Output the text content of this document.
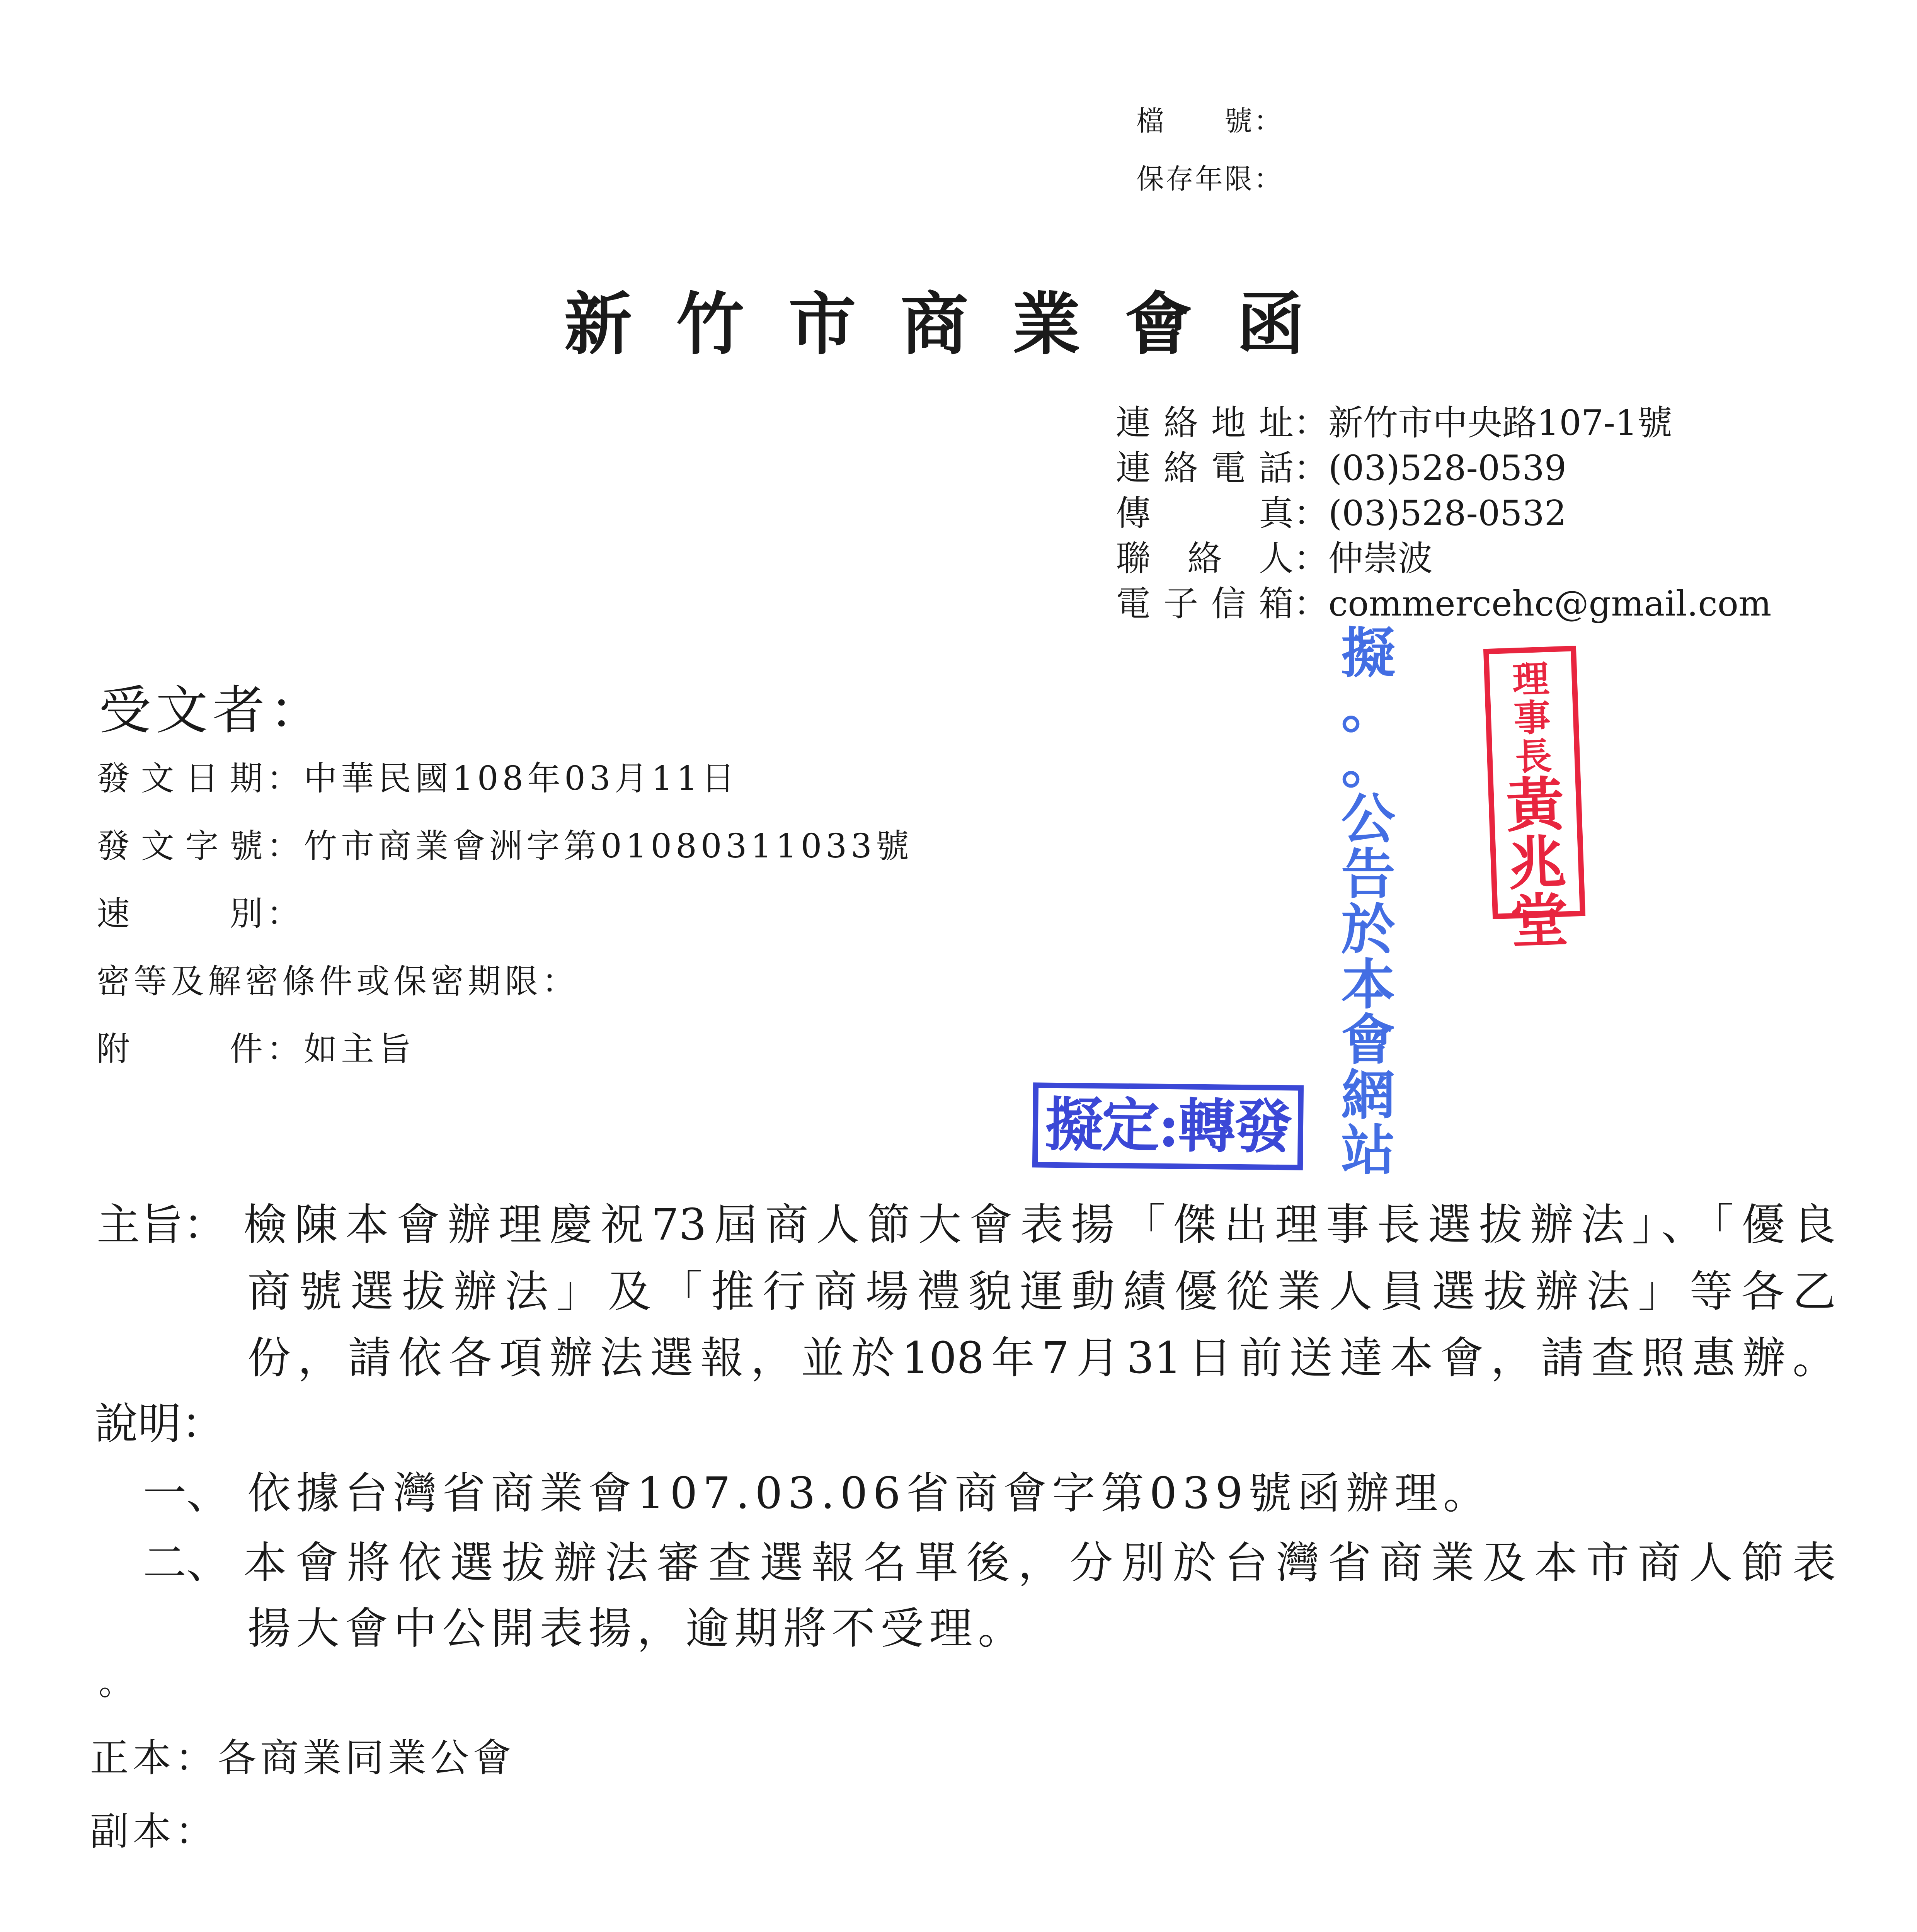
檔　　號：
保存年限：
新竹市商業會函
連絡地址：新竹市中央路107-1號
連絡電話：(03)528-0539
傳真：(03)528-0532
聯絡人：仲崇波
電子信箱：commercehc@gmail.com
受文者：
發文日期：中華民國108年03月11日
發文字號：竹市商業會洲字第01080311033號
速別：
密等及解密條件或保密期限：
附件：如主旨
主旨： 檢陳本會辦理慶祝73屆商人節大會表揚「傑出理事長選拔辦法」、「優良
商號選拔辦法」及「推行商場禮貌運動績優從業人員選拔辦法」等各乙
份，請依各項辦法選報，並於108年7月31日前送達本會，請查照惠辦。
說明：
一、 依據台灣省商業會107.03.06省商會字第039號函辦理。
二、 本會將依選拔辦法審查選報名單後，分別於台灣省商業及本市商人節表
揚大會中公開表揚，逾期將不受理。
。
正本：各商業同業公會
副本：
擬
。
。
公
告
於
本
會
網
站
理
事
長
黃
兆
堂
擬定:轉發
